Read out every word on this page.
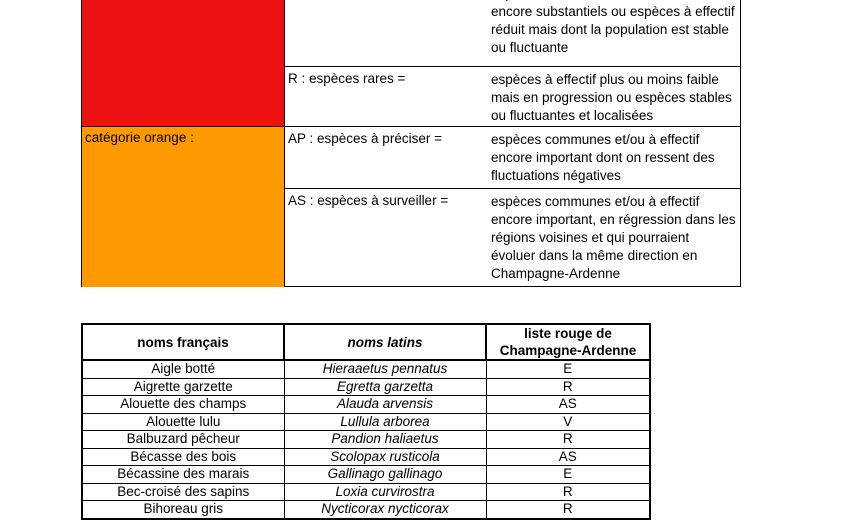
catégorie orange :
encore substantiels ou espèces à effectif réduit mais dont la population est stable ou fluctuante
R : espèces rares =	espèces à effectif plus ou moins faible mais en progression ou espèces stables ou fluctuantes et localisées
AP : espèces à préciser =	espèces communes et/ou à effectif encore important dont on ressent des fluctuations négatives
AS : espèces à surveiller =	espèces communes et/ou à effectif encore important, en régression dans les régions voisines et qui pourraient évoluer dans la même direction en Champagne-Ardenne
noms français	noms latins	liste rouge de Champagne-Ardenne
Aigle botté	Hieraaetus pennatus	E
Aigrette garzette	Egretta garzetta	R
Alouette des champs	Alauda arvensis	AS
Alouette lulu	Lullula arborea	V
Balbuzard pêcheur	Pandion haliaetus	R
Bécasse des bois	Scolopax rusticola	AS
Bécassine des marais	Gallinago gallinago	E
Bec-croisé des sapins	Loxia curvirostra	R
Bihoreau gris	Nycticorax nycticorax	R
